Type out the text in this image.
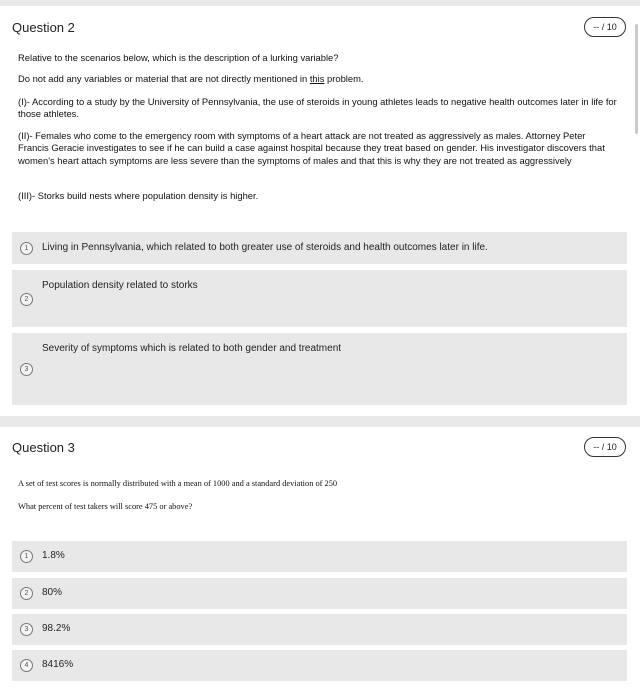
Question 2	-- / 10
Relative to the scenarios below, which is the description of a lurking variable?
Do not add any variables or material that are not directly mentioned in this problem.
(I)- According to a study by the University of Pennsylvania, the use of steroids in young athletes leads to negative health outcomes later in life for those athletes.
(II)- Females who come to the emergency room with symptoms of a heart attack are not treated as aggressively as males. Attorney Peter Francis Geracie investigates to see if he can build a case against hospital because they treat based on gender. His investigator discovers that women's heart attach symptoms are less severe than the symptoms of males and that this is why they are not treated as aggressively
(III)- Storks build nests where population density is higher.
1	Living in Pennsylvania, which related to both greater use of steroids and health outcomes later in life.
2
Population density related to storks
3
Severity of symptoms which is related to both gender and treatment
Question 3	-- / 10
A set of test scores is normally distributed with a mean of 1000 and a standard deviation of 250
What percent of test takers will score 475 or above?
1	1.8%
2	80%
3	98.2%
4	8416%
